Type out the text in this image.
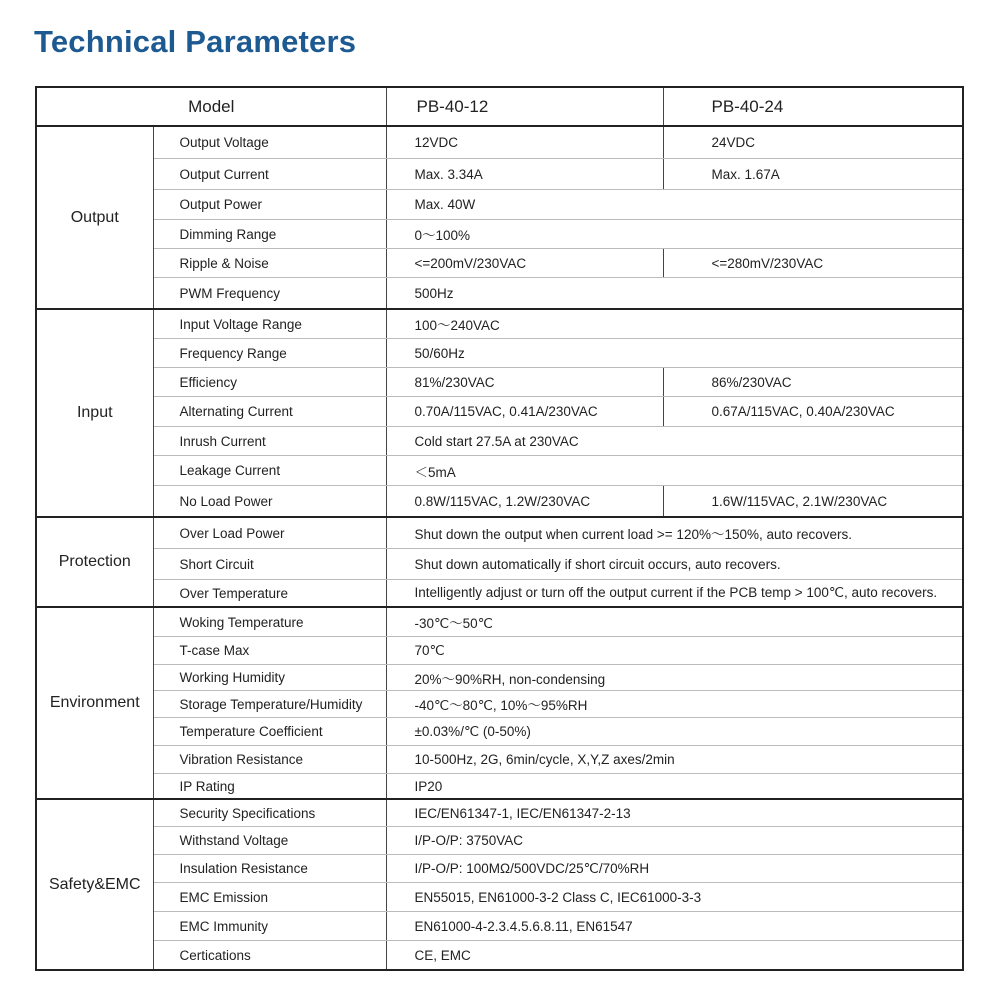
Technical Parameters
Model		PB-40-12	PB-40-24
Output	Output Voltage	12VDC	24VDC
	Output Current	Max. 3.34A	Max. 1.67A
	Output Power	Max. 40W	
	Dimming Range	0～100%	
	Ripple & Noise	<=200mV/230VAC	<=280mV/230VAC
	PWM Frequency	500Hz	
Input	Input Voltage Range	100～240VAC	
	Frequency Range	50/60Hz	
	Efficiency	81%/230VAC	86%/230VAC
	Alternating Current	0.70A/115VAC, 0.41A/230VAC	0.67A/115VAC, 0.40A/230VAC
	Inrush Current	Cold start 27.5A at 230VAC	
	Leakage Current	＜5mA	
	No Load Power	0.8W/115VAC, 1.2W/230VAC	1.6W/115VAC, 2.1W/230VAC
Protection	Over Load Power	Shut down the output when current load >= 120%～150%, auto recovers.	
	Short Circuit	Shut down automatically if short circuit occurs, auto recovers.	
	Over Temperature	Intelligently adjust or turn off the output current if the PCB temp > 100℃, auto recovers.	
Environment	Woking Temperature	-30℃～50℃	
	T-case Max	70℃	
	Working Humidity	20%～90%RH, non-condensing	
	Storage Temperature/Humidity	-40℃～80℃, 10%～95%RH	
	Temperature Coefficient	±0.03%/℃ (0-50%)	
	Vibration Resistance	10-500Hz, 2G, 6min/cycle, X,Y,Z axes/2min	
	IP Rating	IP20	
Safety&EMC	Security Specifications	IEC/EN61347-1, IEC/EN61347-2-13	
	Withstand Voltage	I/P-O/P: 3750VAC	
	Insulation Resistance	I/P-O/P: 100MΩ/500VDC/25℃/70%RH	
	EMC Emission	EN55015, EN61000-3-2 Class C, IEC61000-3-3	
	EMC Immunity	EN61000-4-2.3.4.5.6.8.11, EN61547	
	Certications	CE, EMC	
